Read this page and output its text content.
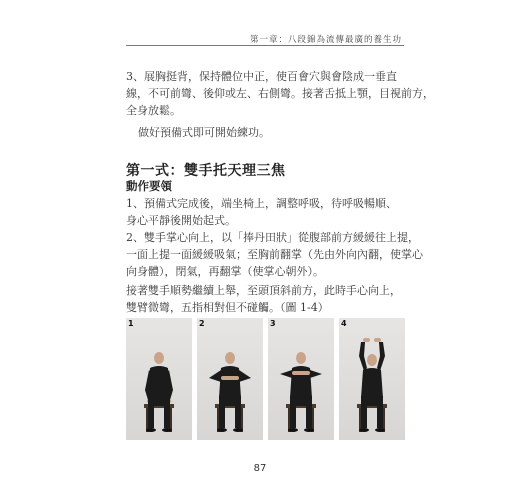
第一章：八段錦為流傳最廣的養生功
3、展胸挺背，保持體位中正，使百會穴與會陰成一垂直
線，不可前彎、後仰或左、右側彎。接著舌抵上顎，目視前方，
全身放鬆。
做好預備式即可開始練功。
第一式：雙手托天理三焦
動作要領
1、預備式完成後，端坐椅上，調整呼吸，待呼吸暢順、
身心平靜後開始起式。
2、雙手掌心向上，以「捧丹田狀」從腹部前方緩緩往上提，
一面上提一面緩緩吸氣；至胸前翻掌（先由外向內翻，使掌心
向身體），閉氣，再翻掌（使掌心朝外）。
接著雙手順勢繼續上舉，至頭頂斜前方，此時手心向上，
雙臂微彎，五指相對但不碰觸。（圖 1-4）
1	2	3	4
87
